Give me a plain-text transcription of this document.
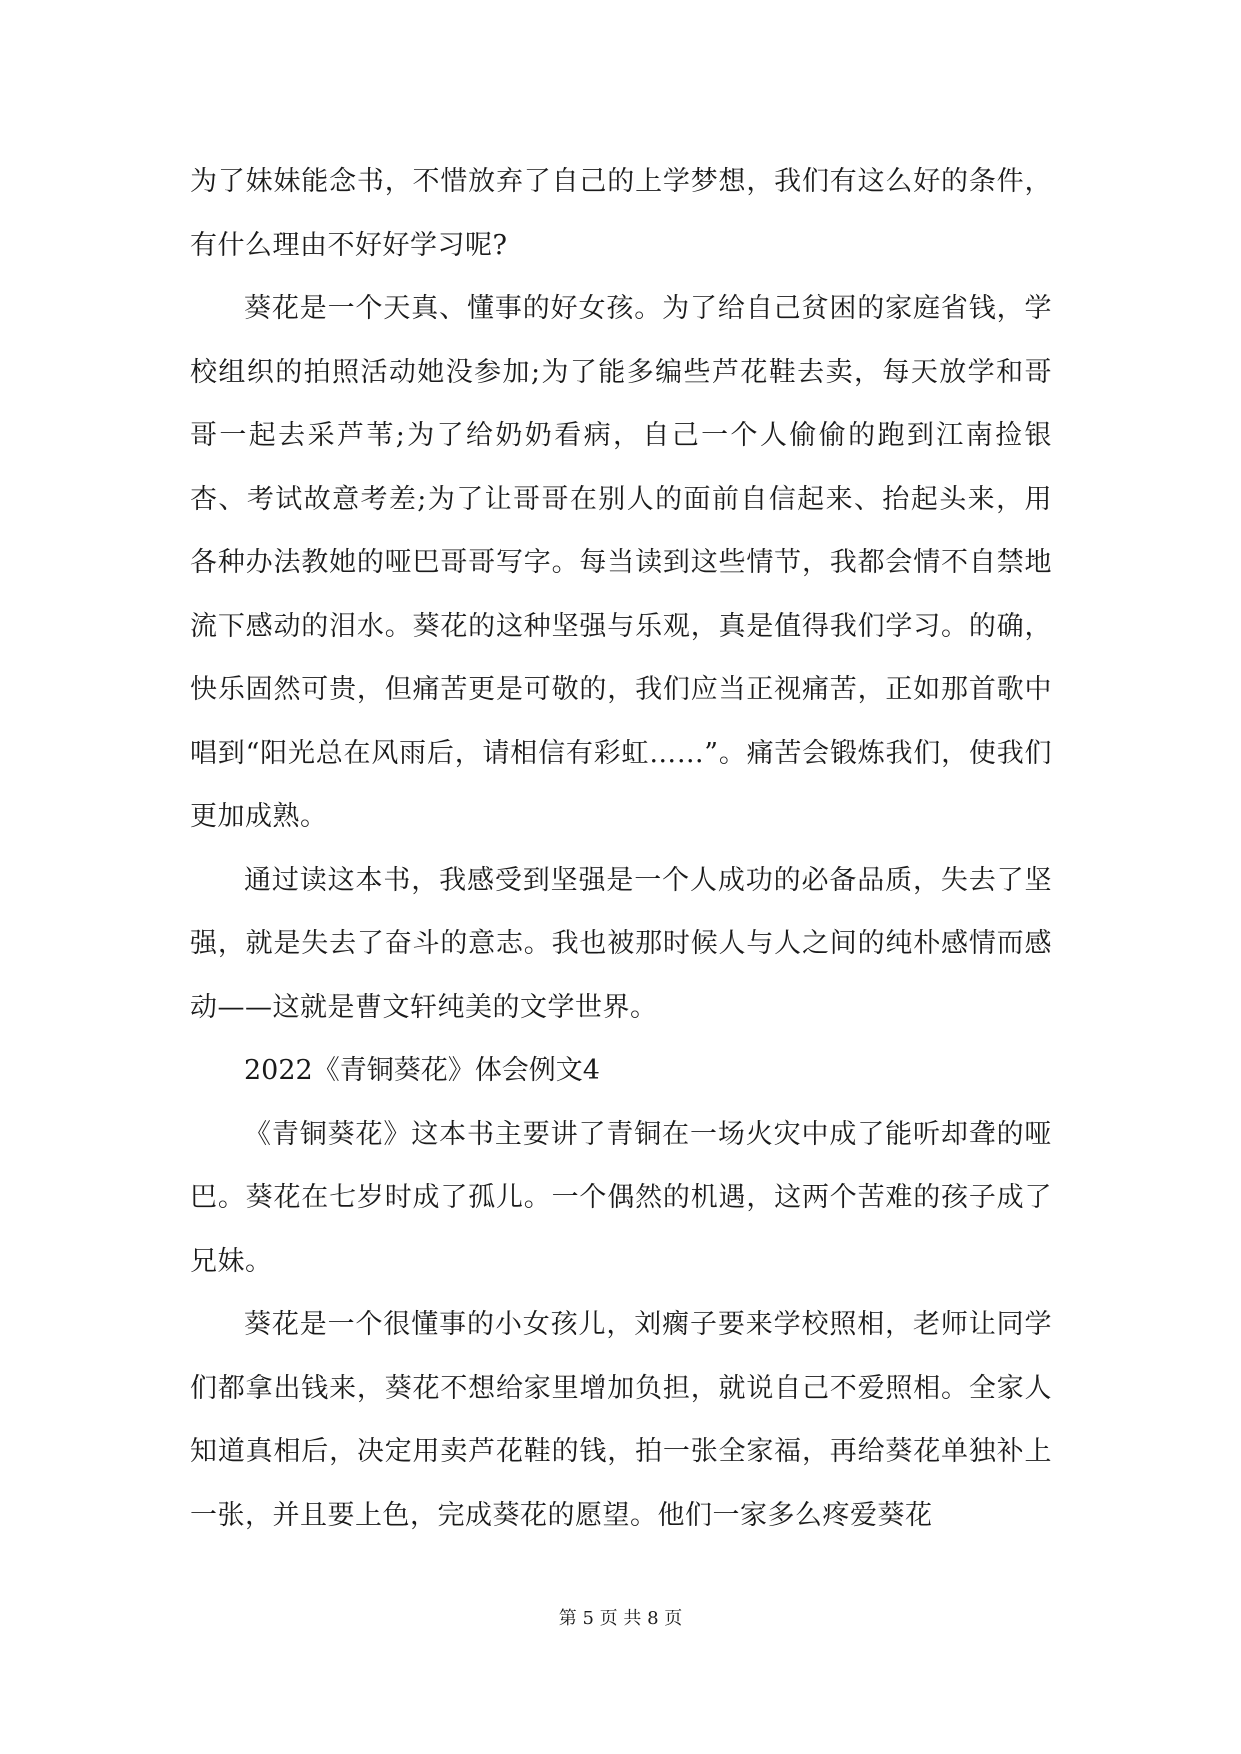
为了妹妹能念书，不惜放弃了自己的上学梦想，我们有这么好的条件，有什么理由不好好学习呢?

葵花是一个天真、懂事的好女孩。为了给自己贫困的家庭省钱，学校组织的拍照活动她没参加;为了能多编些芦花鞋去卖，每天放学和哥哥一起去采芦苇;为了给奶奶看病，自己一个人偷偷的跑到江南捡银杏、考试故意考差;为了让哥哥在别人的面前自信起来、抬起头来，用各种办法教她的哑巴哥哥写字。每当读到这些情节，我都会情不自禁地流下感动的泪水。葵花的这种坚强与乐观，真是值得我们学习。的确，快乐固然可贵，但痛苦更是可敬的，我们应当正视痛苦，正如那首歌中唱到“阳光总在风雨后，请相信有彩虹……”。痛苦会锻炼我们，使我们更加成熟。

通过读这本书，我感受到坚强是一个人成功的必备品质，失去了坚强，就是失去了奋斗的意志。我也被那时候人与人之间的纯朴感情而感动——这就是曹文轩纯美的文学世界。

2022《青铜葵花》体会例文4

《青铜葵花》这本书主要讲了青铜在一场火灾中成了能听却聋的哑巴。葵花在七岁时成了孤儿。一个偶然的机遇，这两个苦难的孩子成了兄妹。

葵花是一个很懂事的小女孩儿，刘瘸子要来学校照相，老师让同学们都拿出钱来，葵花不想给家里增加负担，就说自己不爱照相。全家人知道真相后，决定用卖芦花鞋的钱，拍一张全家福，再给葵花单独补上一张，并且要上色，完成葵花的愿望。他们一家多么疼爱葵花

第 5 页 共 8 页
